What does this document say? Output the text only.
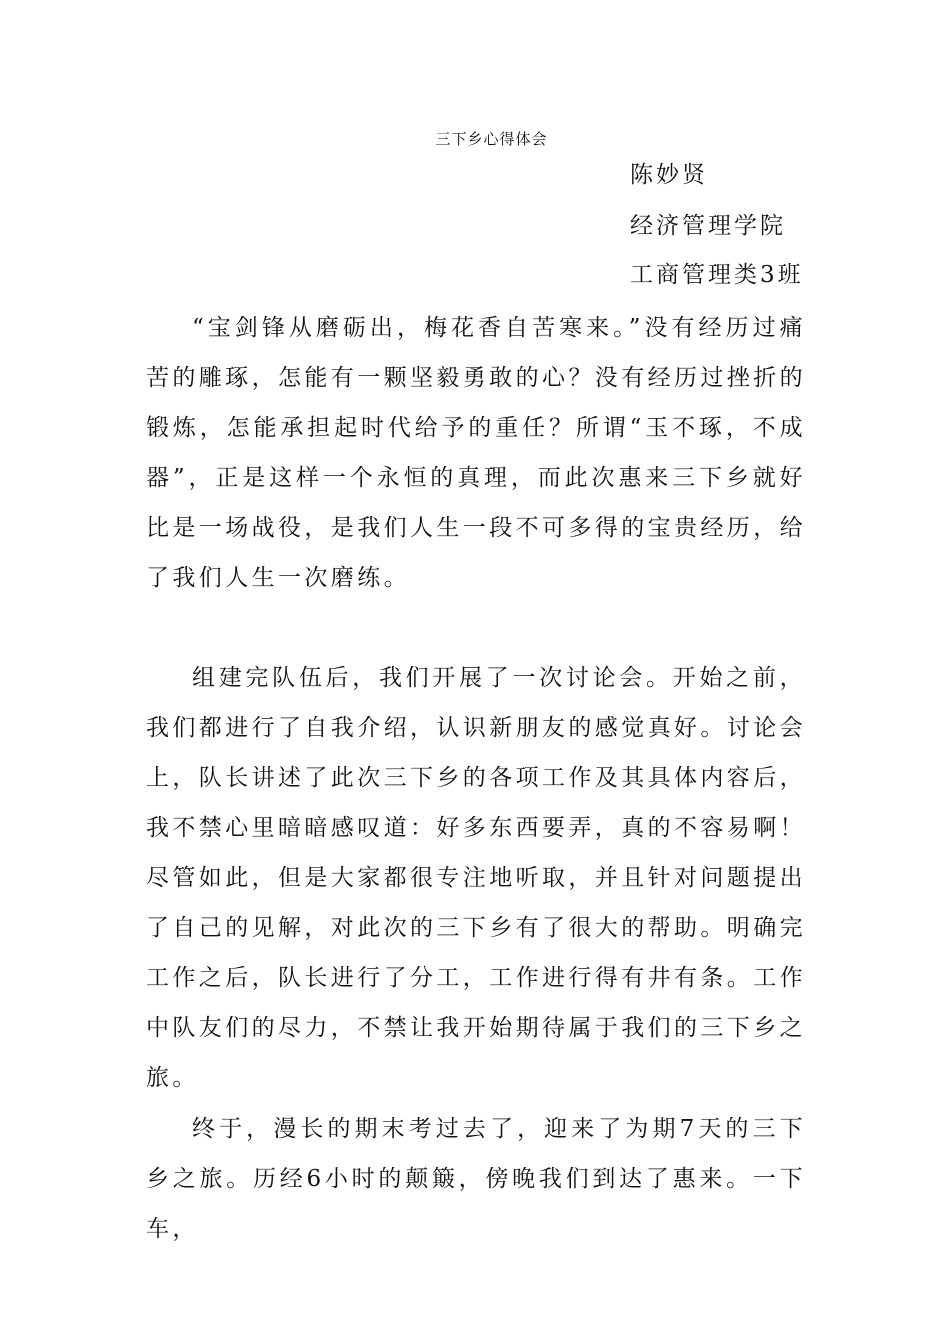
三下乡心得体会
陈妙贤
经济管理学院
工商管理类3班

“宝剑锋从磨砺出，梅花香自苦寒来。”没有经历过痛苦的雕琢，怎能有一颗坚毅勇敢的心？没有经历过挫折的锻炼，怎能承担起时代给予的重任？所谓“玉不琢，不成器”，正是这样一个永恒的真理，而此次惠来三下乡就好比是一场战役，是我们人生一段不可多得的宝贵经历，给了我们人生一次磨练。

组建完队伍后，我们开展了一次讨论会。开始之前，我们都进行了自我介绍，认识新朋友的感觉真好。讨论会上，队长讲述了此次三下乡的各项工作及其具体内容后，我不禁心里暗暗感叹道：好多东西要弄，真的不容易啊！尽管如此，但是大家都很专注地听取，并且针对问题提出了自己的见解，对此次的三下乡有了很大的帮助。明确完工作之后，队长进行了分工，工作进行得有井有条。工作中队友们的尽力，不禁让我开始期待属于我们的三下乡之旅。

终于，漫长的期末考过去了，迎来了为期7天的三下乡之旅。历经6小时的颠簸，傍晚我们到达了惠来。一下车，
